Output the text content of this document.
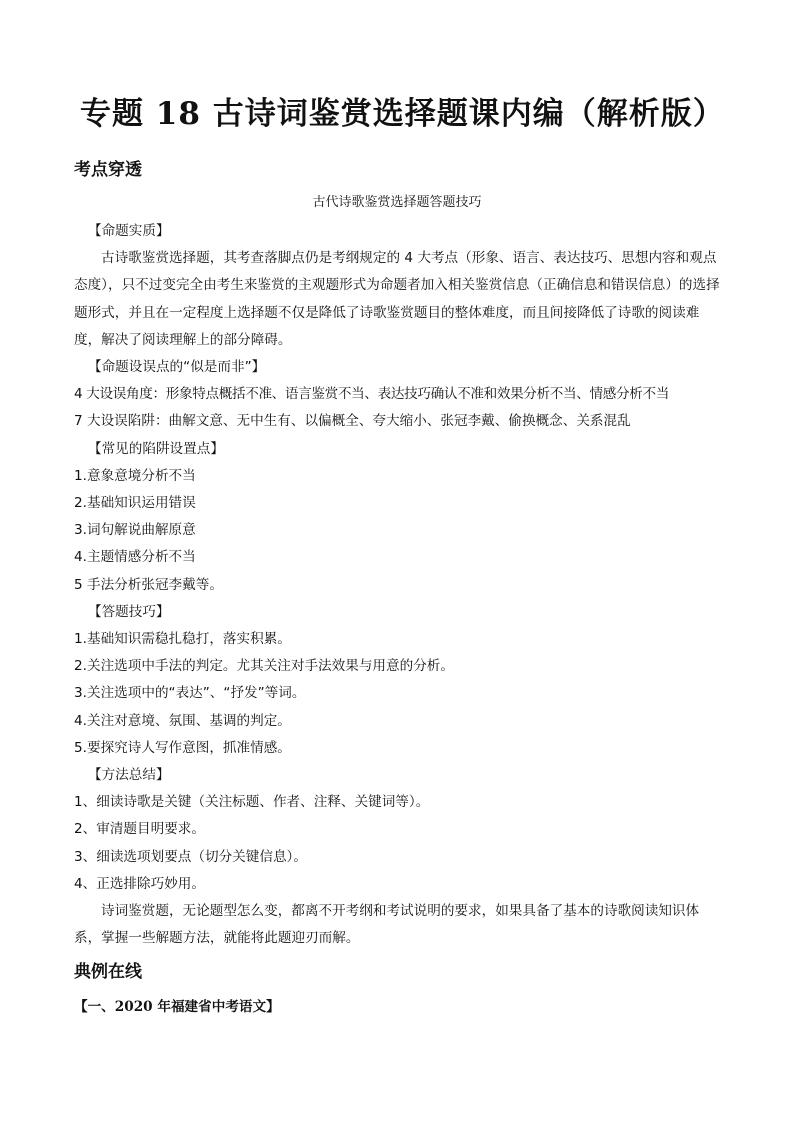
专题 18 古诗词鉴赏选择题课内编（解析版）
考点穿透
古代诗歌鉴赏选择题答题技巧

【命题实质】

古诗歌鉴赏选择题，其考查落脚点仍是考纲规定的 4 大考点（形象、语言、表达技巧、思想内容和观点态度），只不过变完全由考生来鉴赏的主观题形式为命题者加入相关鉴赏信息（正确信息和错误信息）的选择题形式，并且在一定程度上选择题不仅是降低了诗歌鉴赏题目的整体难度，而且间接降低了诗歌的阅读难度，解决了阅读理解上的部分障碍。

【命题设误点的“似是而非”】

4 大设误角度：形象特点概括不准、语言鉴赏不当、表达技巧确认不准和效果分析不当、情感分析不当

7 大设误陷阱：曲解文意、无中生有、以偏概全、夸大缩小、张冠李戴、偷换概念、关系混乱

【常见的陷阱设置点】

1.意象意境分析不当

2.基础知识运用错误

3.词句解说曲解原意

4.主题情感分析不当

5 手法分析张冠李戴等。

【答题技巧】

1.基础知识需稳扎稳打，落实积累。

2.关注选项中手法的判定。尤其关注对手法效果与用意的分析。

3.关注选项中的“表达”、“抒发”等词。

4.关注对意境、氛围、基调的判定。

5.要探究诗人写作意图，抓准情感。

【方法总结】

1、细读诗歌是关键（关注标题、作者、注释、关键词等）。

2、审清题目明要求。

3、细读选项划要点（切分关键信息）。

4、正选排除巧妙用。

诗词鉴赏题，无论题型怎么变，都离不开考纲和考试说明的要求，如果具备了基本的诗歌阅读知识体系，掌握一些解题方法，就能将此题迎刃而解。

典例在线
【一、2020 年福建省中考语文】
